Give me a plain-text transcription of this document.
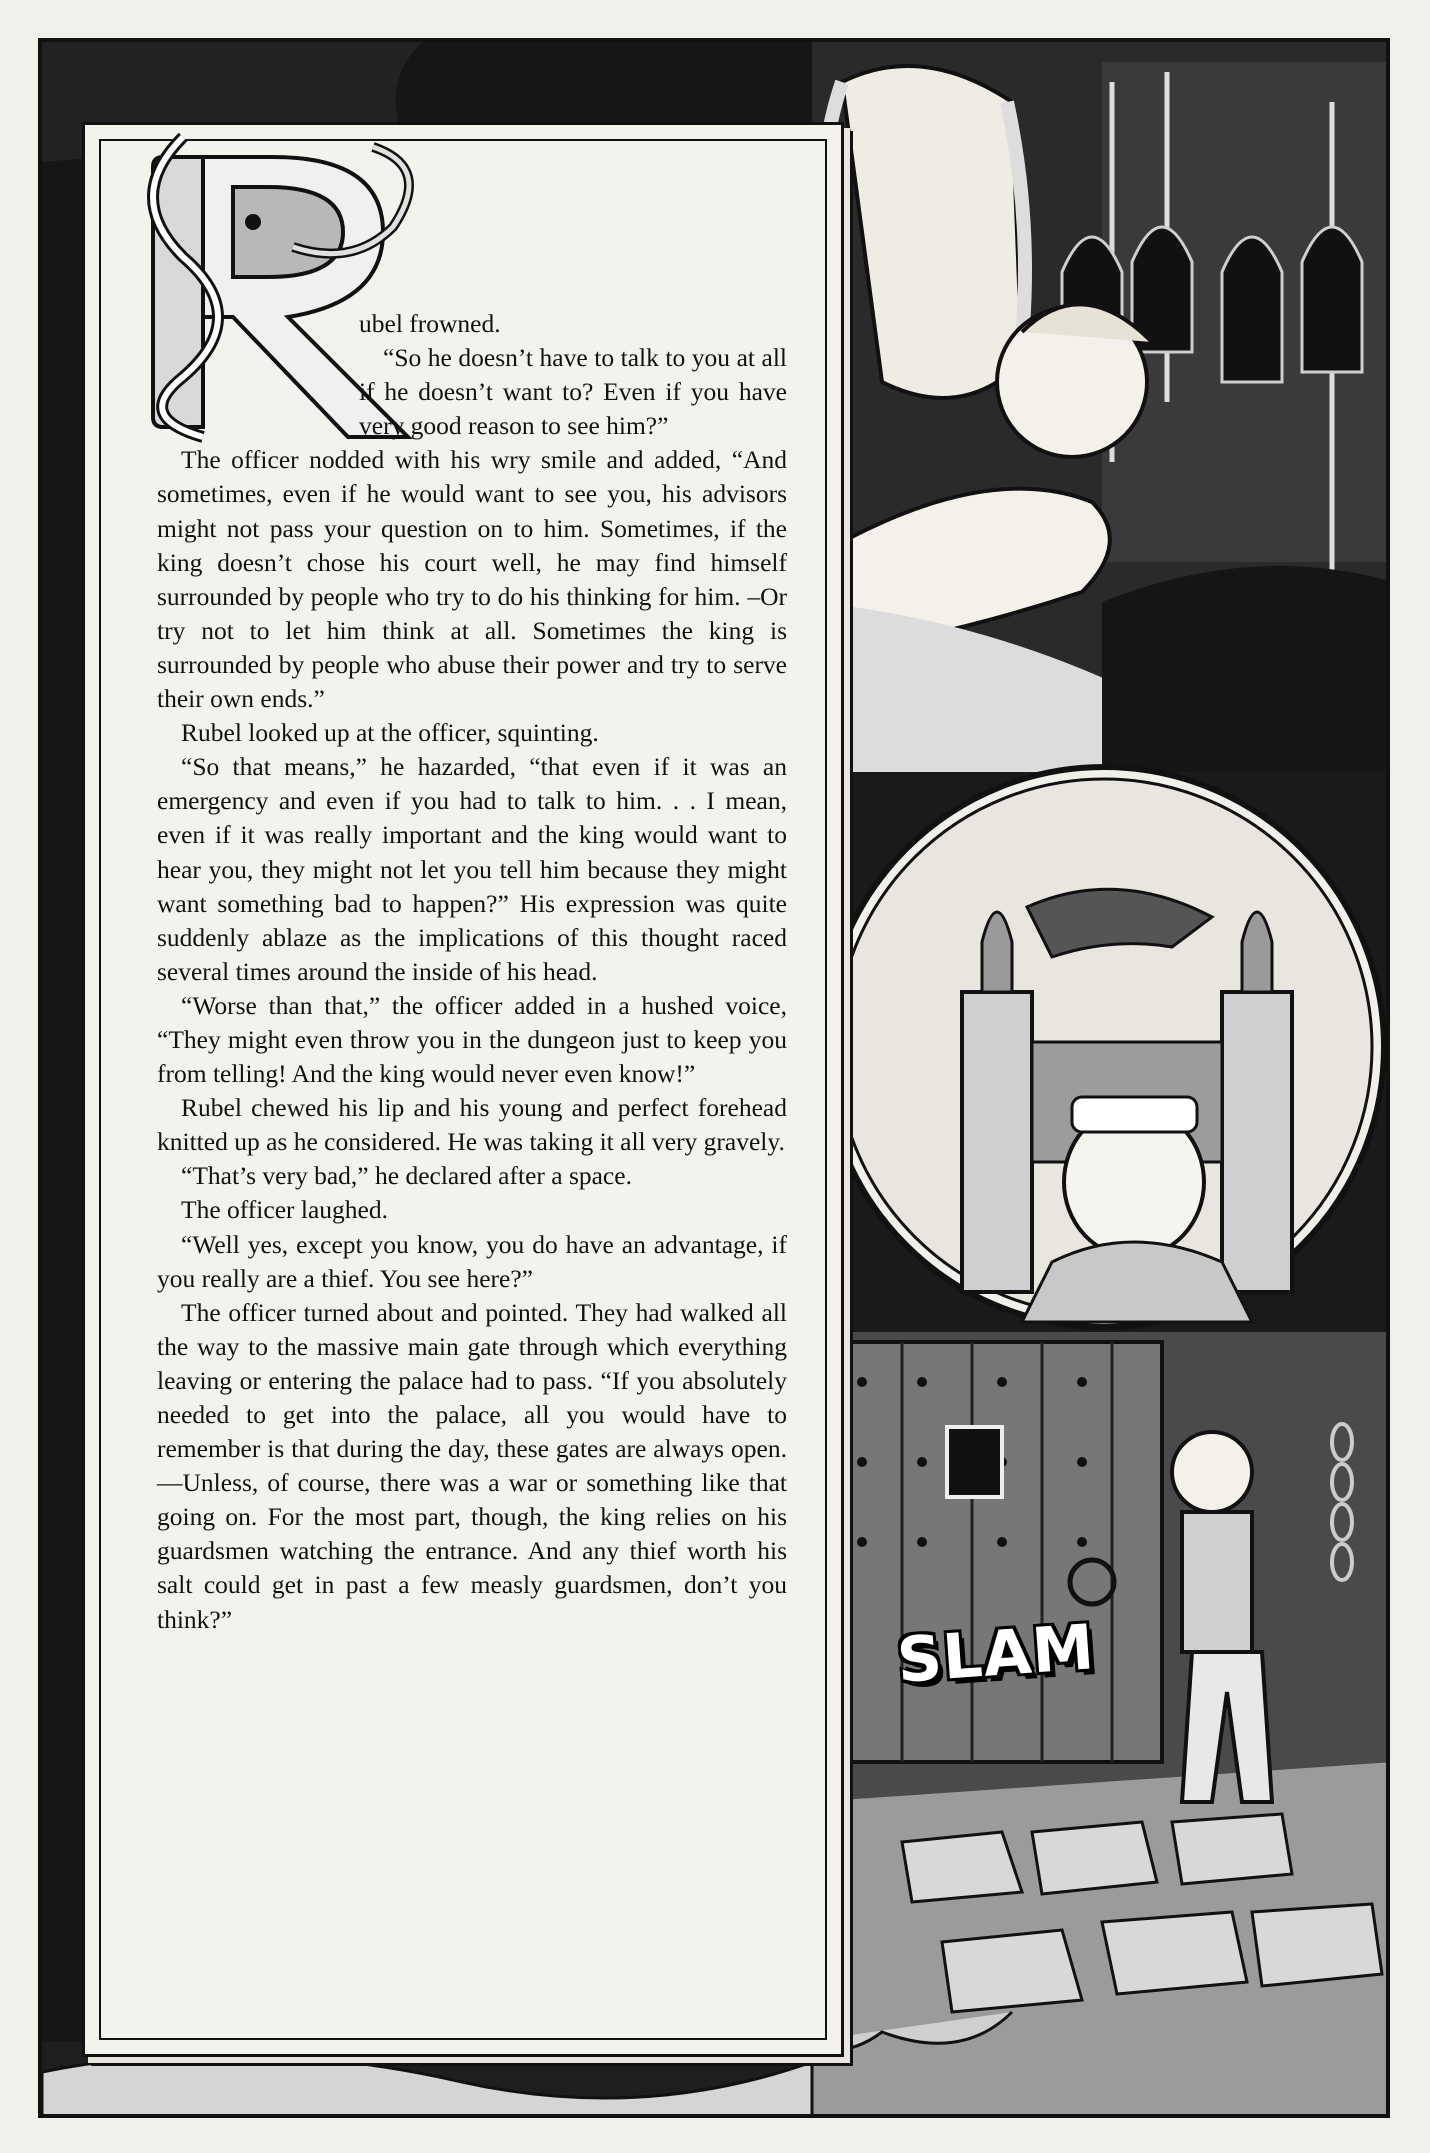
ubel frowned.
“So he doesn’t have to talk to you at all if he doesn’t want to? Even if you have very good reason to see him?”

The officer nodded with his wry smile and added, “And sometimes, even if he would want to see you, his advisors might not pass your question on to him. Sometimes, if the king doesn’t chose his court well, he may find himself surrounded by people who try to do his thinking for him. –Or try not to let him think at all. Sometimes the king is surrounded by people who abuse their power and try to serve their own ends.”

Rubel looked up at the officer, squinting.

“So that means,” he hazarded, “that even if it was an emergency and even if you had to talk to him. . . I mean, even if it was really important and the king would want to hear you, they might not let you tell him because they might want something bad to happen?” His expression was quite suddenly ablaze as the implications of this thought raced several times around the inside of his head.

“Worse than that,” the officer added in a hushed voice, “They might even throw you in the dungeon just to keep you from telling! And the king would never even know!”

Rubel chewed his lip and his young and perfect forehead knitted up as he considered. He was taking it all very gravely.

“That’s very bad,” he declared after a space.

The officer laughed.

“Well yes, except you know, you do have an advantage, if you really are a thief. You see here?”

The officer turned about and pointed. They had walked all the way to the massive main gate through which everything leaving or entering the palace had to pass. “If you absolutely needed to get into the palace, all you would have to remember is that during the day, these gates are always open. —Unless, of course, there was a war or something like that going on. For the most part, though, the king relies on his guardsmen watching the entrance. And any thief worth his salt could get in past a few measly guardsmen, don’t you think?”	SLAM
